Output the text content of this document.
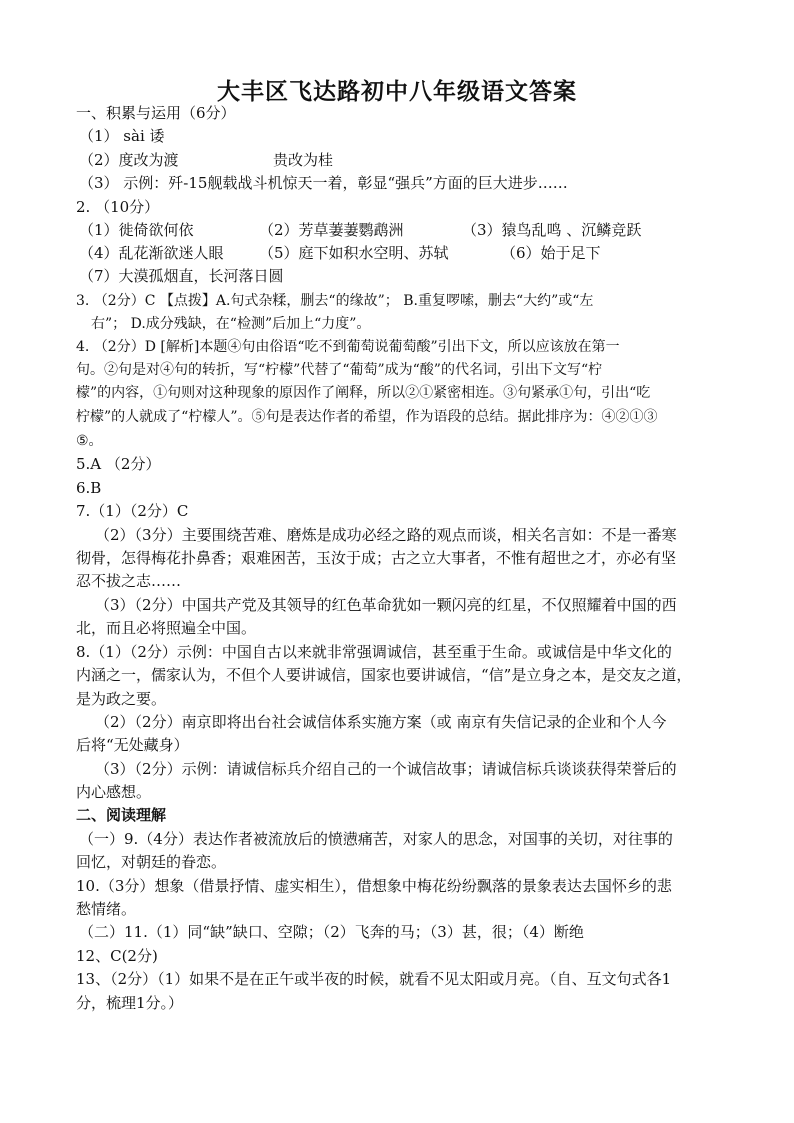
大丰区飞达路初中八年级语文答案
一、积累与运用（6分）
（1） sài 诿
（2）度改为渡	贵改为桂
（3） 示例：歼-15舰载战斗机惊天一着，彰显“强兵”方面的巨大进步……
2. （10分）
（1）徙倚欲何依	（2）芳草萋萋鹦鹉洲	（3）猿鸟乱鸣 、沉鳞竞跃
（4）乱花渐欲迷人眼 （5）庭下如积水空明、苏轼	（6）始于足下
（7）大漠孤烟直，长河落日圆
3. （2分）C 【点拨】A.句式杂糅，删去“的缘故”； B.重复啰嗦，删去“大约”或“左
右”； D.成分残缺，在“检测”后加上“力度”。
4. （2分）D [解析]本题④句由俗语“吃不到葡萄说葡萄酸”引出下文，所以应该放在第一
句。②句是对④句的转折，写“柠檬”代替了“葡萄”成为“酸”的代名词，引出下文写“柠
檬”的内容，①句则对这种现象的原因作了阐释，所以②①紧密相连。③句紧承①句，引出“吃
柠檬”的人就成了“柠檬人”。⑤句是表达作者的希望，作为语段的总结。据此排序为：④②①③
⑤。
5.A （2分）
6.B
7.（1）（2分）C
（2）（3分）主要围绕苦难、磨炼是成功必经之路的观点而谈，相关名言如：不是一番寒
彻骨，怎得梅花扑鼻香；艰难困苦，玉汝于成；古之立大事者，不惟有超世之才，亦必有坚
忍不拔之志……
（3）（2分）中国共产党及其领导的红色革命犹如一颗闪亮的红星，不仅照耀着中国的西
北，而且必将照遍全中国。
8.（1）（2分）示例：中国自古以来就非常强调诚信，甚至重于生命。或诚信是中华文化的
内涵之一，儒家认为，不但个人要讲诚信，国家也要讲诚信，“信”是立身之本，是交友之道，
是为政之要。
（2）（2分）南京即将出台社会诚信体系实施方案（或 南京有失信记录的企业和个人今
后将“无处藏身）
（3）（2分）示例：请诚信标兵介绍自己的一个诚信故事；请诚信标兵谈谈获得荣誉后的
内心感想。
二、阅读理解
（一）9.（4分）表达作者被流放后的愤懑痛苦，对家人的思念，对国事的关切，对往事的
回忆，对朝廷的眷恋。
10.（3分）想象（借景抒情、虚实相生），借想象中梅花纷纷飘落的景象表达去国怀乡的悲
愁情绪。
（二）11.（1）同“缺”缺口、空隙；（2）飞奔的马；（3）甚，很；（4）断绝
12、C(2分)
13、（2分）（1）如果不是在正午或半夜的时候，就看不见太阳或月亮。（自、互文句式各1
分，梳理1分。）
